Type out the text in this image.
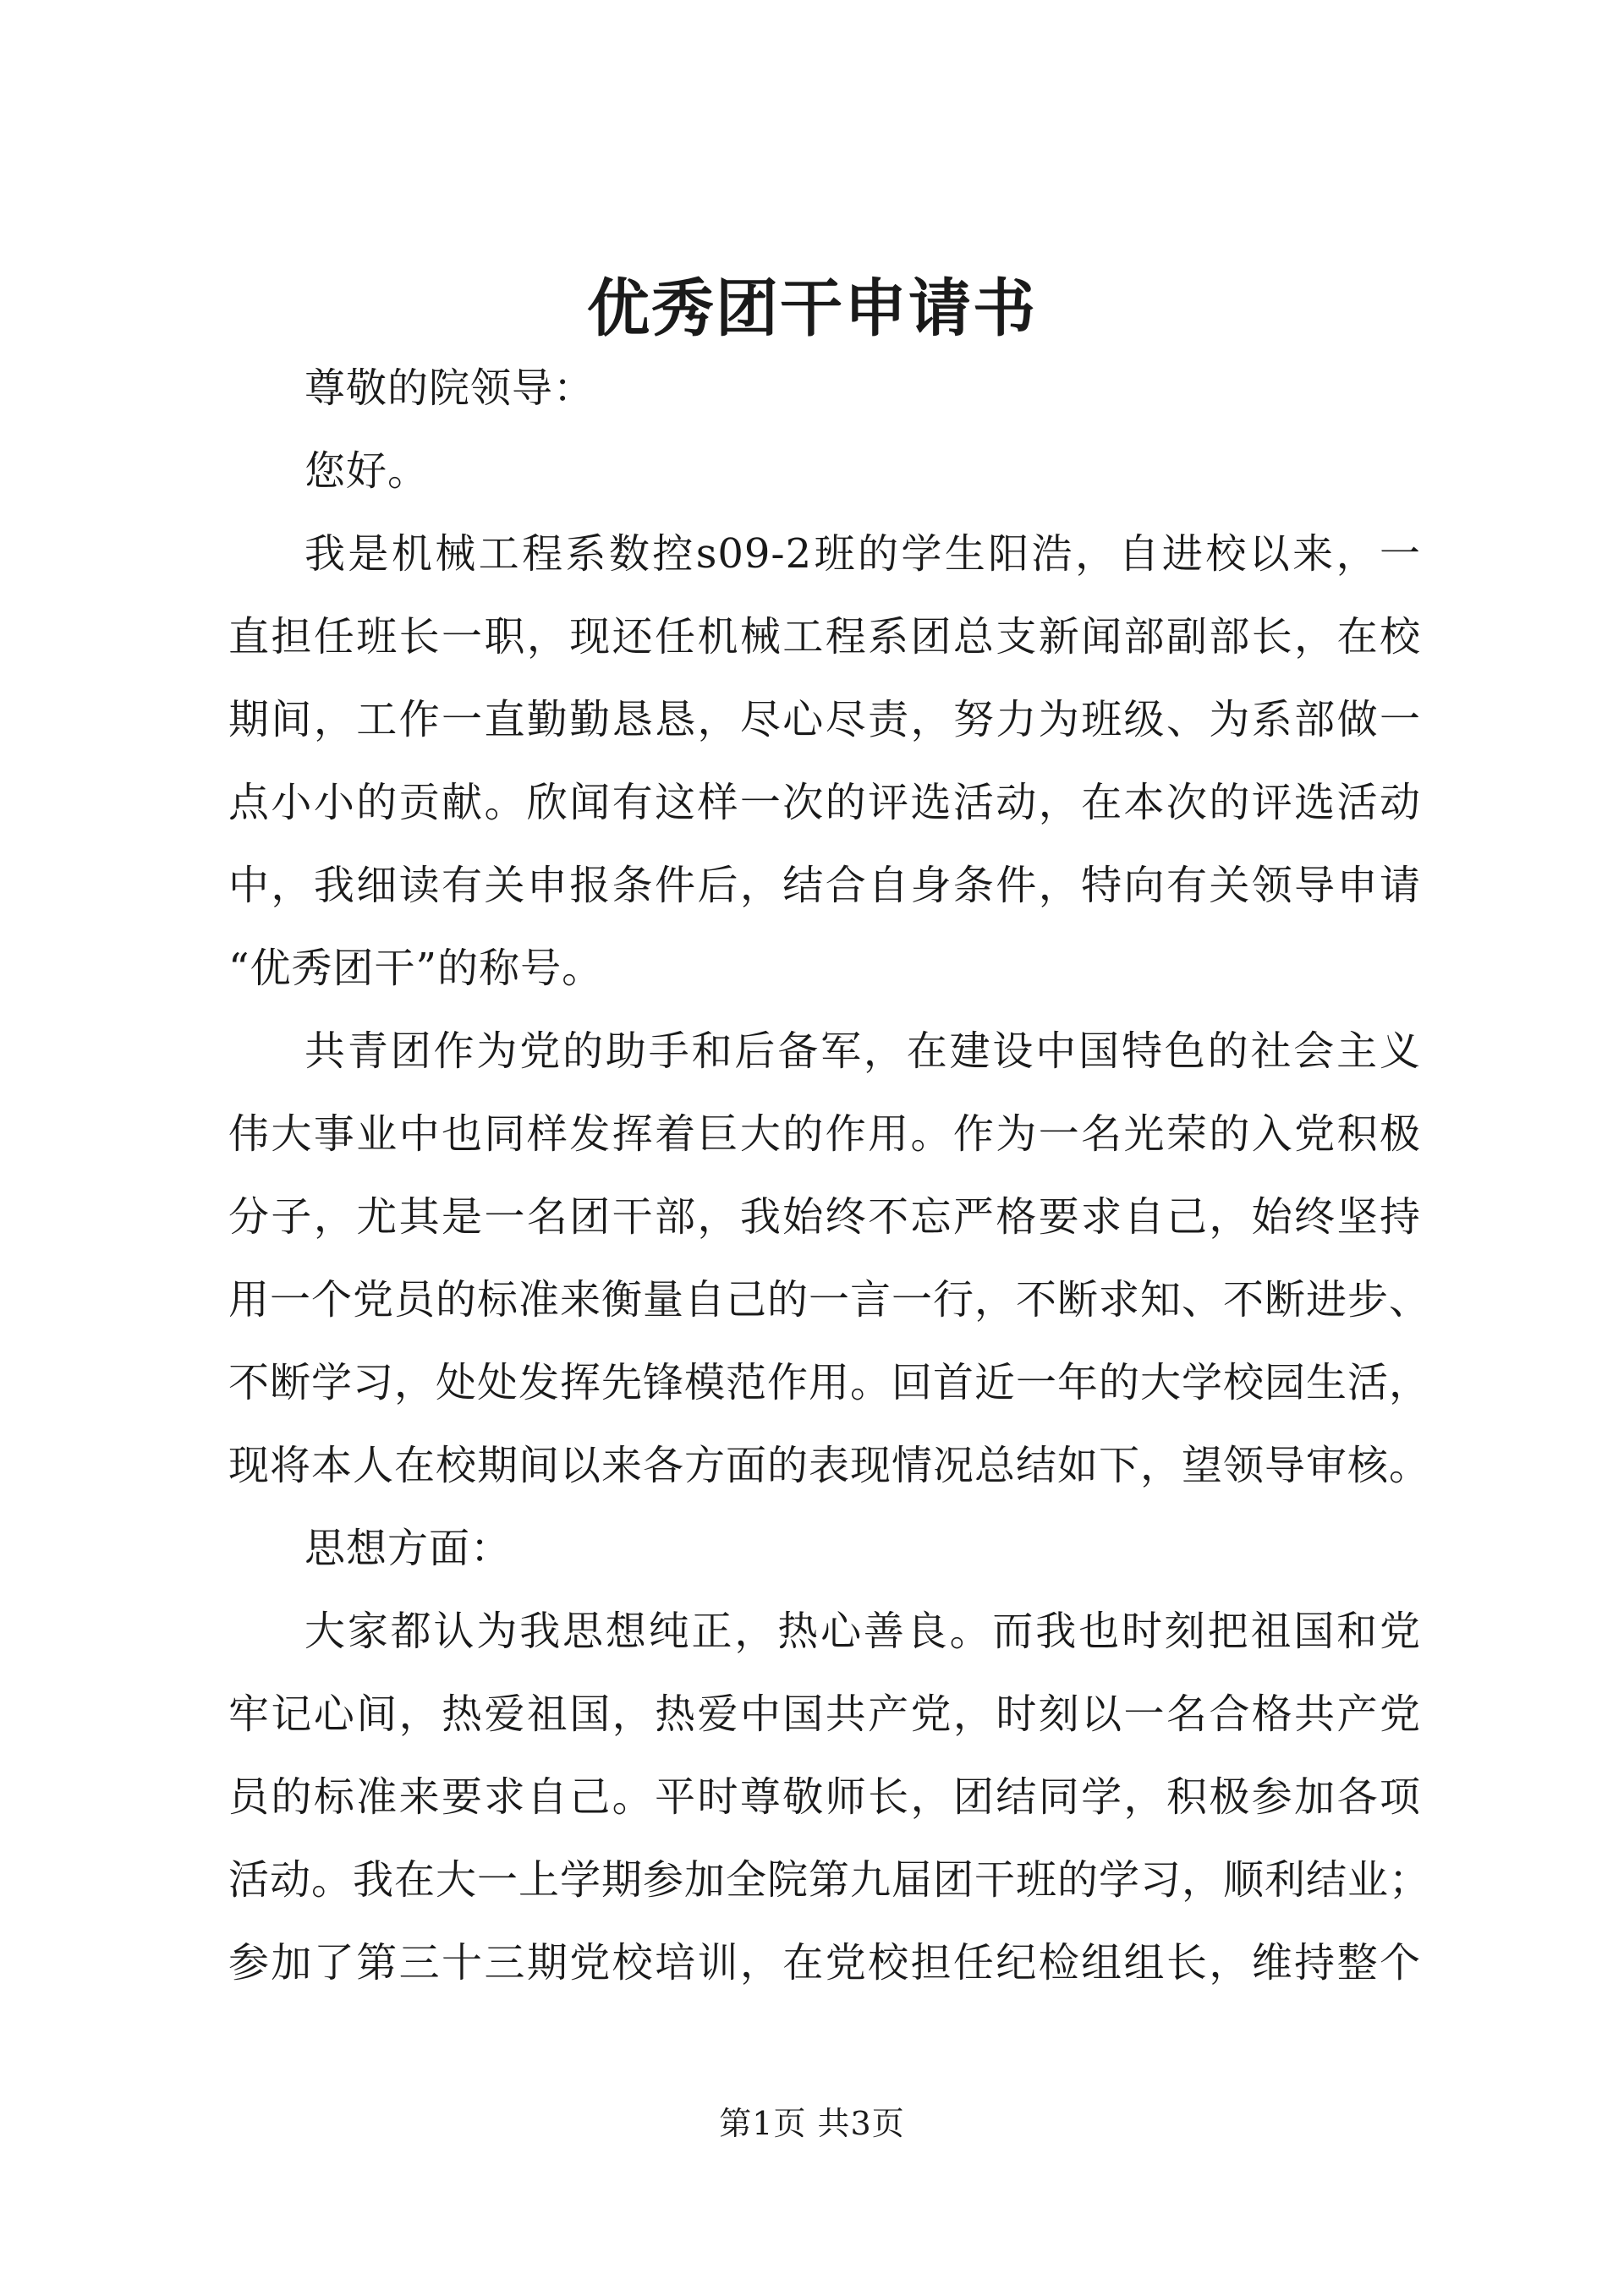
优秀团干申请书
尊敬的院领导：
您好。
我是机械工程系数控s09-2班的学生阳浩，自进校以来，一
直担任班长一职，现还任机械工程系团总支新闻部副部长，在校
期间，工作一直勤勤恳恳，尽心尽责，努力为班级、为系部做一
点小小的贡献。欣闻有这样一次的评选活动，在本次的评选活动
中，我细读有关申报条件后，结合自身条件，特向有关领导申请
“优秀团干”的称号。
共青团作为党的助手和后备军，在建设中国特色的社会主义
伟大事业中也同样发挥着巨大的作用。作为一名光荣的入党积极
分子，尤其是一名团干部，我始终不忘严格要求自己，始终坚持
用一个党员的标准来衡量自己的一言一行，不断求知、不断进步、
不断学习，处处发挥先锋模范作用。回首近一年的大学校园生活，
现将本人在校期间以来各方面的表现情况总结如下，望领导审核。
思想方面：
大家都认为我思想纯正，热心善良。而我也时刻把祖国和党
牢记心间，热爱祖国，热爱中国共产党，时刻以一名合格共产党
员的标准来要求自己。平时尊敬师长，团结同学，积极参加各项
活动。我在大一上学期参加全院第九届团干班的学习，顺利结业；
参加了第三十三期党校培训，在党校担任纪检组组长，维持整个
第1页 共3页
